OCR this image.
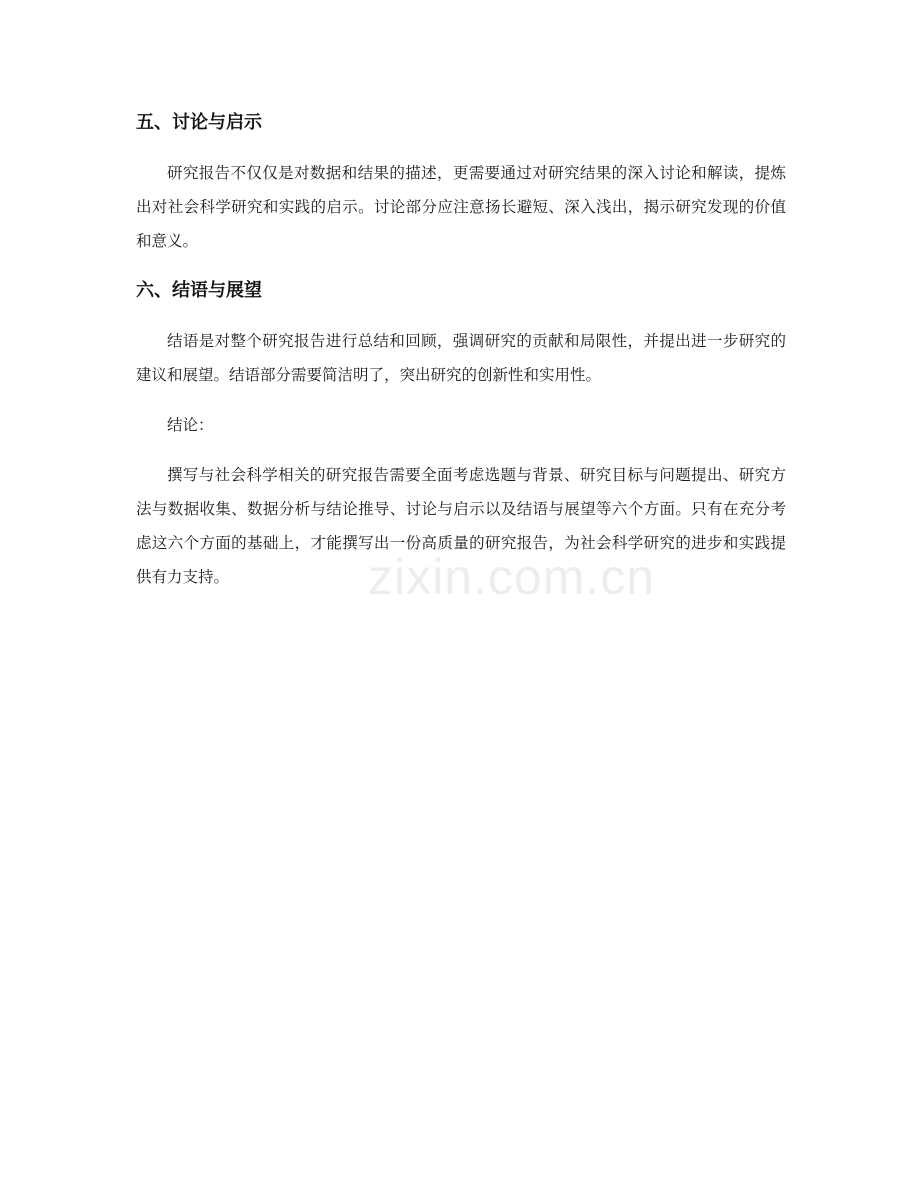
五、讨论与启示

研究报告不仅仅是对数据和结果的描述，更需要通过对研究结果的深入讨论和解读，提炼出对社会科学研究和实践的启示。讨论部分应注意扬长避短、深入浅出，揭示研究发现的价值和意义。

六、结语与展望

结语是对整个研究报告进行总结和回顾，强调研究的贡献和局限性，并提出进一步研究的建议和展望。结语部分需要简洁明了，突出研究的创新性和实用性。

结论：

撰写与社会科学相关的研究报告需要全面考虑选题与背景、研究目标与问题提出、研究方法与数据收集、数据分析与结论推导、讨论与启示以及结语与展望等六个方面。只有在充分考虑这六个方面的基础上，才能撰写出一份高质量的研究报告，为社会科学研究的进步和实践提供有力支持。	zixin.com.cn
